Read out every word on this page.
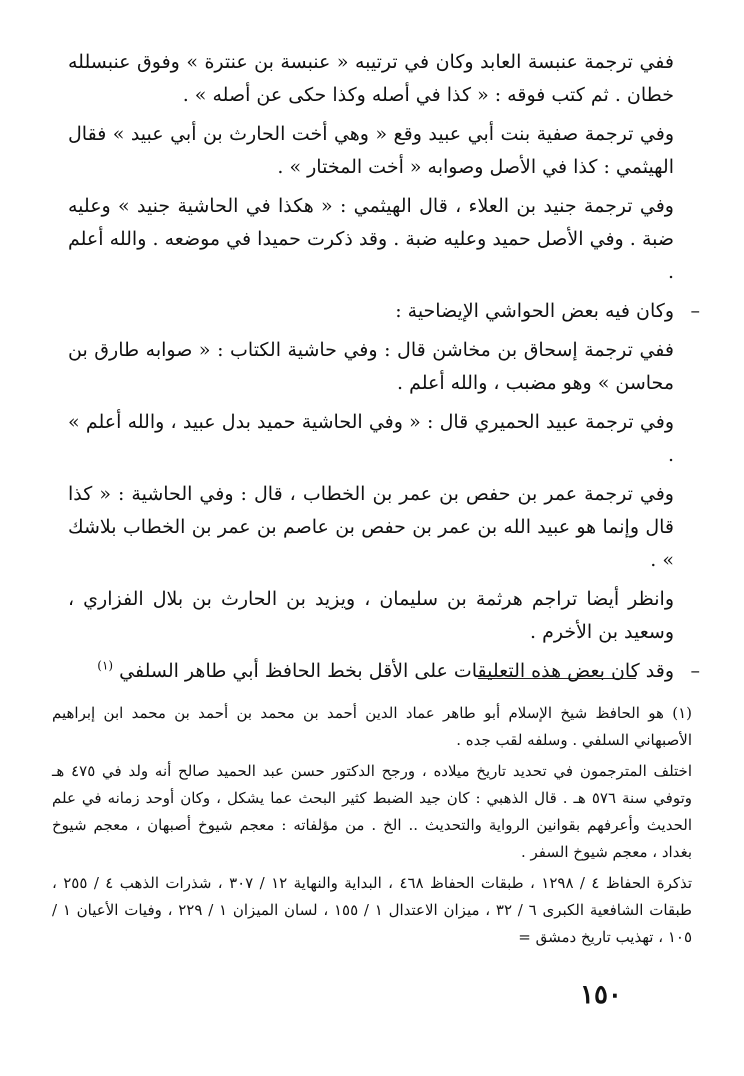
ففي ترجمة عنبسة العابد وكان في ترتيبه « عنبسة بن عنترة » وفوق عنبسلله خطان . ثم كتب فوقه : « كذا في أصله وكذا حكى عن أصله » .

وفي ترجمة صفية بنت أبي عبيد وقع « وهي أخت الحارث بن أبي عبيد » فقال الهيثمي : كذا في الأصل وصوابه « أخت المختار » .

وفي ترجمة جنيد بن العلاء ، قال الهيثمي : « هكذا في الحاشية جنيد » وعليه ضبة . وفي الأصل حميد وعليه ضبة . وقد ذكرت حميدا في موضعه . والله أعلم .

–
وكان فيه بعض الحواشي الإيضاحية :

ففي ترجمة إسحاق بن مخاشن قال : وفي حاشية الكتاب : « صوابه طارق بن محاسن » وهو مضبب ، والله أعلم .

وفي ترجمة عبيد الحميري قال : « وفي الحاشية حميد بدل عبيد ، والله أعلم » .

وفي ترجمة عمر بن حفص بن عمر بن الخطاب ، قال : وفي الحاشية : « كذا قال وإنما هو عبيد الله بن عمر بن حفص بن عاصم بن عمر بن الخطاب بلاشك » .

وانظر أيضا تراجم هرثمة بن سليمان ، ويزيد بن الحارث بن بلال الفزاري ، وسعيد بن الأخرم .

–
وقد كان بعض هذه التعليقات على الأقل بخط الحافظ أبي طاهر السلفي $^{(١)}$

(١) هو الحافظ شيخ الإسلام أبو طاهر عماد الدين أحمد بن محمد بن أحمد بن محمد ابن إبراهيم الأصبهاني السلفي . وسلفه لقب جده .

اختلف المترجمون في تحديد تاريخ ميلاده ، ورجح الدكتور حسن عبد الحميد صالح أنه ولد في ٤٧٥ هـ وتوفي سنة ٥٧٦ هـ . قال الذهبي : كان جيد الضبط كثير البحث عما يشكل ، وكان أوحد زمانه في علم الحديث وأعرفهم بقوانين الرواية والتحديث .. الخ . من مؤلفاته : معجم شيوخ أصبهان ، معجم شيوخ بغداد ، معجم شيوخ السفر .

تذكرة الحفاظ ٤ / ١٢٩٨ ، طبقات الحفاظ ٤٦٨ ، البداية والنهاية ١٢ / ٣٠٧ ، شذرات الذهب ٤ / ٢٥٥ ، طبقات الشافعية الكبرى ٦ / ٣٢ ، ميزان الاعتدال ١ / ١٥٥ ، لسان الميزان ١ / ٢٢٩ ، وفيات الأعيان ١ / ١٠٥ ، تهذيب تاريخ دمشق =

١٥٠
